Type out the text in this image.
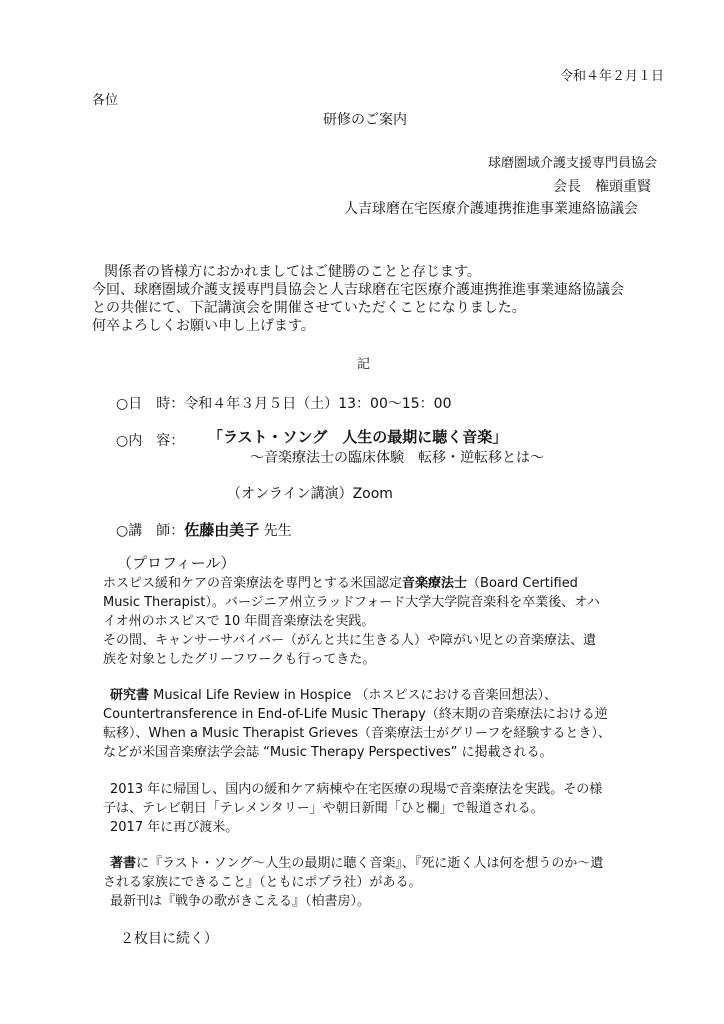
令和４年２月１日
各位
研修のご案内
球磨圏域介護支援専門員協会
会長　権頭重賢
人吉球磨在宅医療介護連携推進事業連絡協議会
関係者の皆様方におかれましてはご健勝のことと存じます。
今回、球磨圏域介護支援専門員協会と人吉球磨在宅医療介護連携推進事業連絡協議会
との共催にて、下記講演会を開催させていただくことになりました。
何卒よろしくお願い申し上げます。
記
○日　時：令和４年３月５日（土）13：00〜15：00
○内　容： 「ラスト・ソング　人生の最期に聴く音楽」
〜音楽療法士の臨床体験　転移・逆転移とは〜
（オンライン講演）Zoom
○講　師：佐藤由美子 先生
（プロフィール）
ホスピス緩和ケアの音楽療法を専門とする米国認定音楽療法士（Board Certified
Music Therapist）。バージニア州立ラッドフォード大学大学院音楽科を卒業後、オハ
イオ州のホスピスで 10 年間音楽療法を実践。
その間、キャンサーサバイバー（がんと共に生きる人）や障がい児との音楽療法、遺
族を対象としたグリーフワークも行ってきた。
研究書 Musical Life Review in Hospice （ホスピスにおける音楽回想法）、
Countertransference in End-of-Life Music Therapy（終末期の音楽療法における逆
転移）、When a Music Therapist Grieves（音楽療法士がグリーフを経験するとき）、
などが米国音楽療法学会誌 “Music Therapy Perspectives” に掲載される。
2013 年に帰国し、国内の緩和ケア病棟や在宅医療の現場で音楽療法を実践。その様
子は、テレビ朝日「テレメンタリー」や朝日新聞「ひと欄」で報道される。
2017 年に再び渡米。
著書に『ラスト・ソング〜人生の最期に聴く音楽』、『死に逝く人は何を想うのか〜遺
される家族にできること』（ともにポプラ社）がある。
最新刊は『戦争の歌がきこえる』（柏書房）。
２枚目に続く）
